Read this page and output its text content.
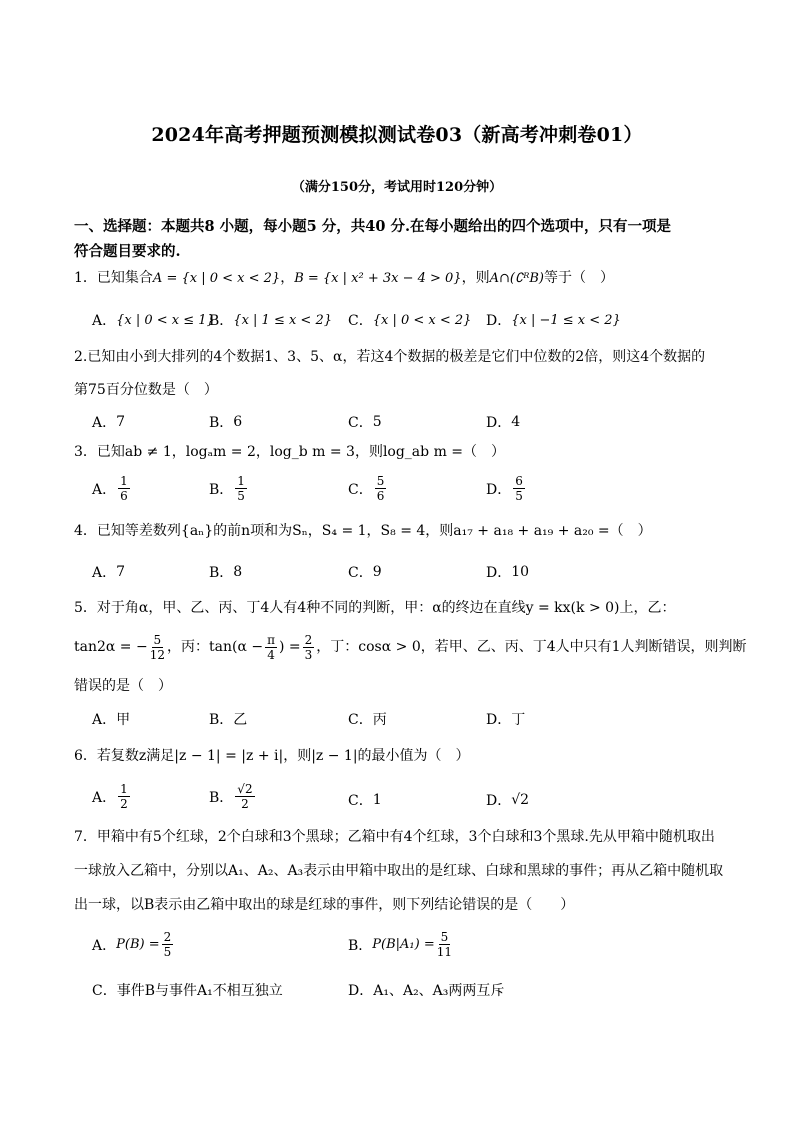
2024年高考押题预测模拟测试卷03（新高考冲刺卷01）
（满分150分，考试用时120分钟）
一、选择题：本题共8 小题，每小题5 分，共40 分.在每小题给出的四个选项中，只有一项是
符合题目要求的.
1．已知集合A = {x | 0 < x < 2}，B = {x | x² + 3x − 4 > 0}，则A∩(∁ᴿB)等于（　）
A． {x | 0 < x ≤ 1}
B． {x | 1 ≤ x < 2} C． {x | 0 < x < 2} D． {x | −1 ≤ x < 2}
2.已知由小到大排列的4个数据1、3、5、α，若这4个数据的极差是它们中位数的2倍，则这4个数据的
第75百分位数是（　）
A． 7	B． 6	C． 5	D． 4
3．已知ab ≠ 1，logₐm = 2，log_b m = 3，则log_ab m =（　）
A． $\frac{1}{6}$	B． $\frac{1}{5}$	C． $\frac{5}{6}$	D． $\frac{6}{5}$
4．已知等差数列{aₙ}的前n项和为Sₙ，S₄ = 1，S₈ = 4，则a₁₇ + a₁₈ + a₁₉ + a₂₀ =（　）
A． 7	B． 8	C． 9	D． 10
5．对于角α，甲、乙、丙、丁4人有4种不同的判断，甲：α的终边在直线y = kx(k > 0)上，乙：
tan2α = − $\frac{5}{12}$ ，丙：$\tan(\alpha - \frac{\pi}{4}$ ) = $\frac{2}{3}$ ，丁：cosα > 0，若甲、乙、丙、丁4人中只有1人判断错误，则判断
错误的是（　）
A． 甲	B． 乙	C． 丙	D． 丁
6．若复数z满足|z − 1| = |z + i|，则|z − 1|的最小值为（　）
A． $\frac{1}{2}$	B． $\frac{√2}{2}$	C． 1	D． √2
7．甲箱中有5个红球，2个白球和3个黑球；乙箱中有4个红球，3个白球和3个黑球.先从甲箱中随机取出
一球放入乙箱中，分别以A₁、A₂、A₃表示由甲箱中取出的是红球、白球和黑球的事件；再从乙箱中随机取
出一球，以B表示由乙箱中取出的球是红球的事件，则下列结论错误的是（　　）
A． $P(B) = \frac{2}{5}$	B． $P(B|A_1) = \frac{5}{11}$
C． 事件B与事件A₁不相互独立	D． A₁、A₂、A₃两两互斥
